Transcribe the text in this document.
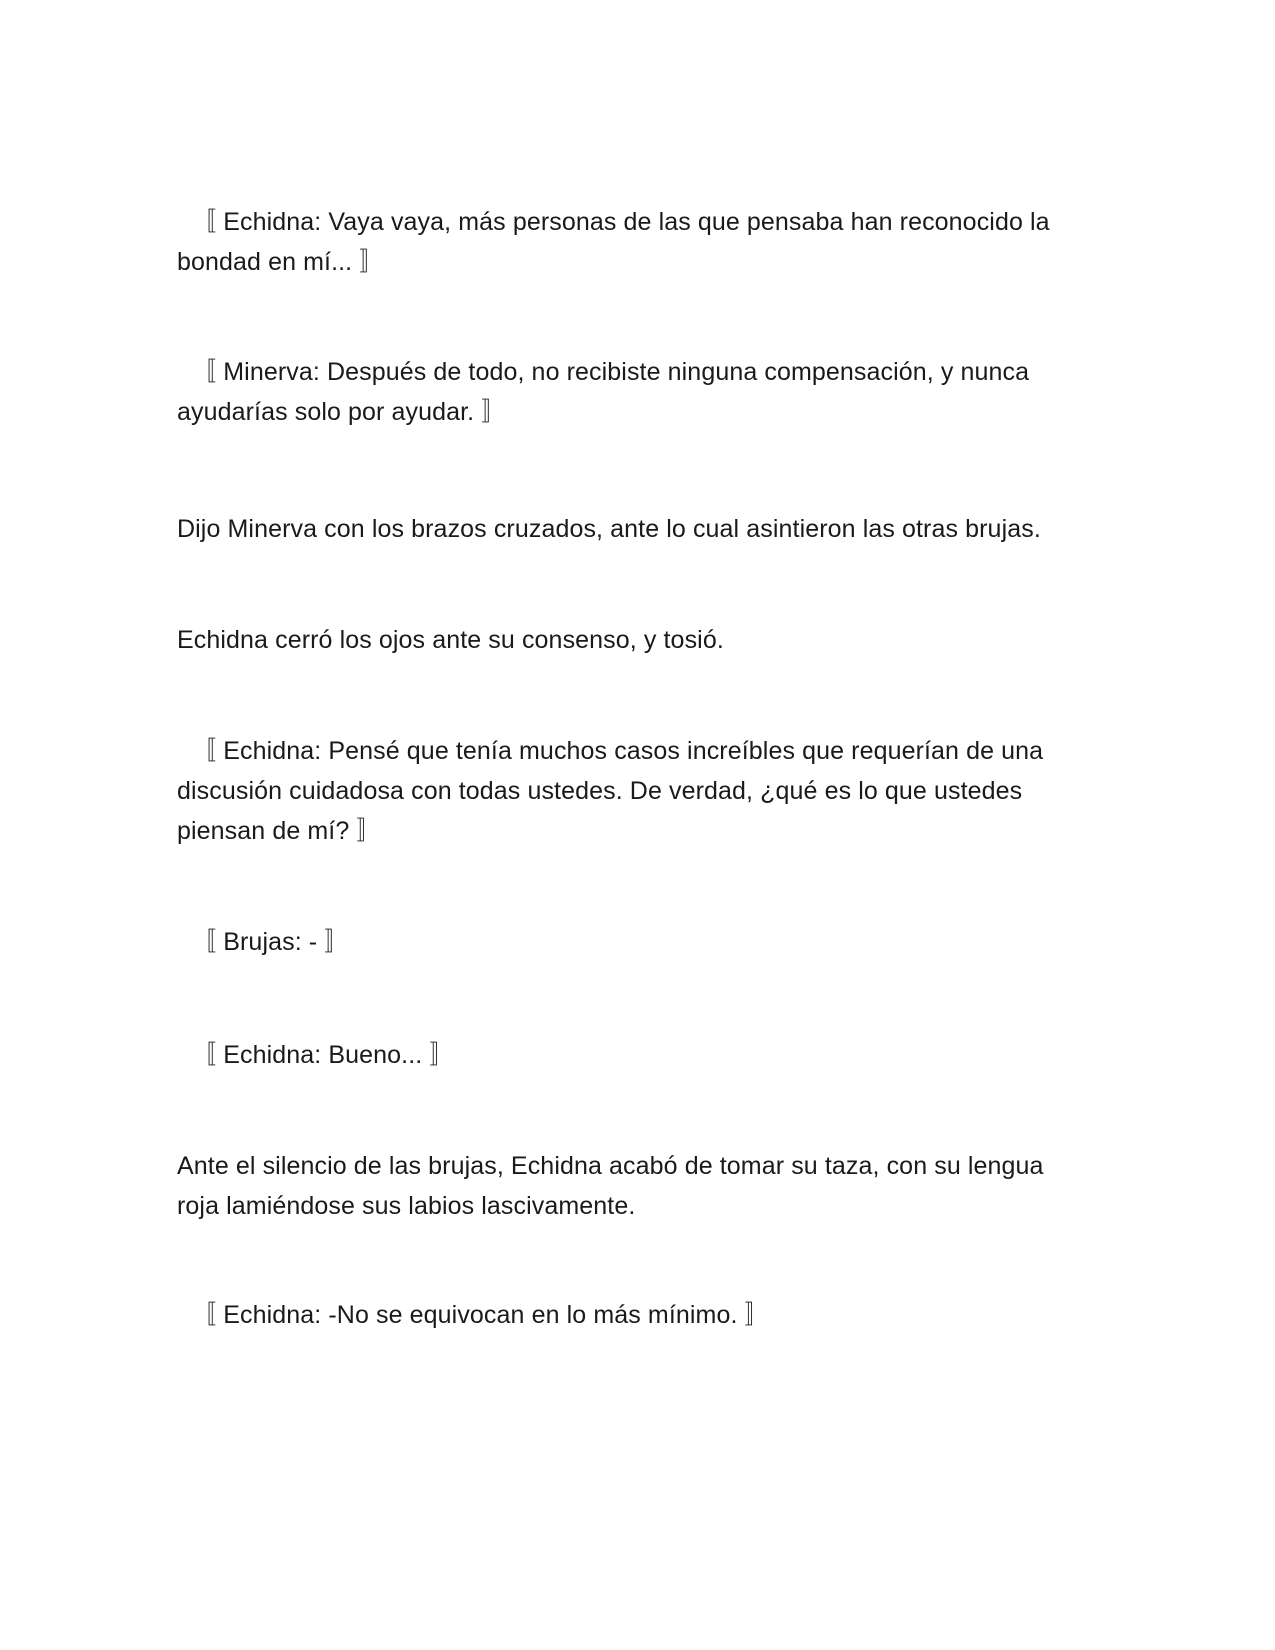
〚 Echidna: Vaya vaya, más personas de las que pensaba han reconocido la
bondad en mí... 〛

〚 Minerva: Después de todo, no recibiste ninguna compensación, y nunca
ayudarías solo por ayudar. 〛

Dijo Minerva con los brazos cruzados, ante lo cual asintieron las otras brujas.

Echidna cerró los ojos ante su consenso, y tosió.

〚 Echidna: Pensé que tenía muchos casos increíbles que requerían de una
discusión cuidadosa con todas ustedes. De verdad, ¿qué es lo que ustedes
piensan de mí? 〛

〚 Brujas: - 〛

〚 Echidna: Bueno... 〛

Ante el silencio de las brujas, Echidna acabó de tomar su taza, con su lengua
roja lamiéndose sus labios lascivamente.

〚 Echidna: -No se equivocan en lo más mínimo. 〛
